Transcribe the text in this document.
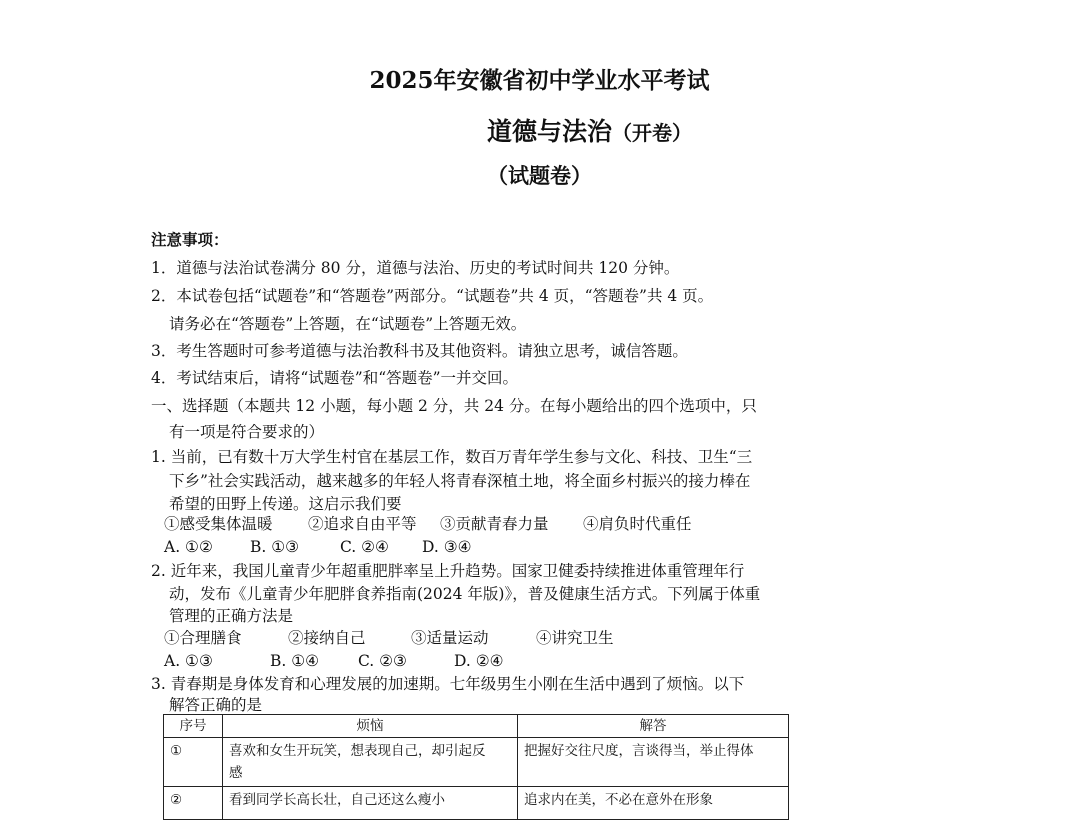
2025年安徽省初中学业水平考试
道德与法治（开卷）
（试题卷）
注意事项：
1．道德与法治试卷满分 80 分，道德与法治、历史的考试时间共 120 分钟。
2．本试卷包括“试题卷”和“答题卷”两部分。“试题卷”共 4 页，“答题卷”共 4 页。
请务必在“答题卷”上答题，在“试题卷”上答题无效。
3．考生答题时可参考道德与法治教科书及其他资料。请独立思考，诚信答题。
4．考试结束后，请将“试题卷”和“答题卷”一并交回。
一、选择题（本题共 12 小题，每小题 2 分，共 24 分。在每小题给出的四个选项中，只
有一项是符合要求的）
1. 当前，已有数十万大学生村官在基层工作，数百万青年学生参与文化、科技、卫生“三
下乡”社会实践活动，越来越多的年轻人将青春深植土地，将全面乡村振兴的接力棒在
希望的田野上传递。这启示我们要
①感受集体温暖 ②追求自由平等 ③贡献青春力量 ④肩负时代重任
A. ①② B. ①③	C. ②④ D. ③④
2. 近年来，我国儿童青少年超重肥胖率呈上升趋势。国家卫健委持续推进体重管理年行
动，发布《儿童青少年肥胖食养指南(2024 年版)》，普及健康生活方式。下列属于体重
管理的正确方法是
①合理膳食	②接纳自己	③适量运动	④讲究卫生
A. ①③	B. ①④	C. ②③	D. ②④
3. 青春期是身体发育和心理发展的加速期。七年级男生小刚在生活中遇到了烦恼。以下
解答正确的是
序号	烦恼	解答
①	喜欢和女生开玩笑，想表现自己，却引起反
感	把握好交往尺度，言谈得当，举止得体
②	看到同学长高长壮，自己还这么瘦小	追求内在美，不必在意外在形象
